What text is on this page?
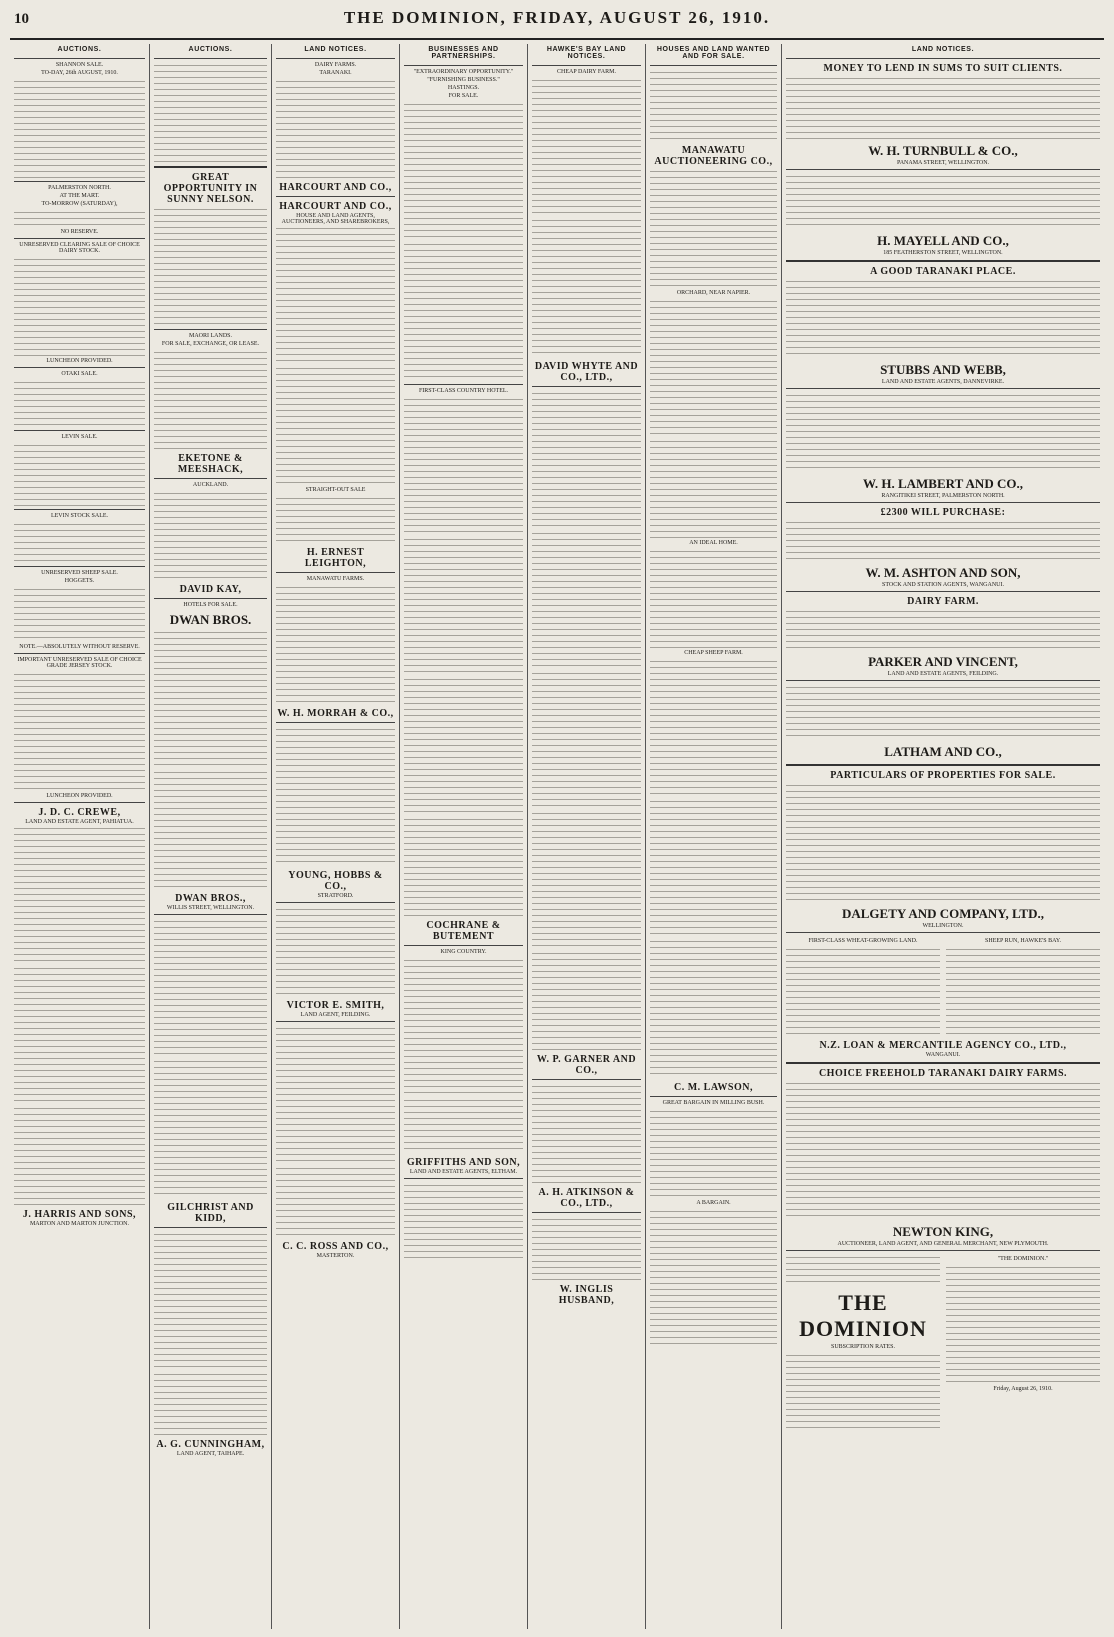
10	THE DOMINION, FRIDAY, AUGUST 26, 1910.
AUCTIONS.
SHANNON SALE.
TO-DAY, 26th AUGUST, 1910.
PALMERSTON NORTH.
AT THE MART.
TO-MORROW (SATURDAY),
NO RESERVE.
UNRESERVED CLEARING SALE OF CHOICE DAIRY STOCK.
LUNCHEON PROVIDED.
OTAKI SALE.
LEVIN SALE.
LEVIN STOCK SALE.
UNRESERVED SHEEP SALE.
HOGGETS.
NOTE.—ABSOLUTELY WITHOUT RESERVE.
IMPORTANT UNRESERVED SALE OF CHOICE GRADE JERSEY STOCK.
LUNCHEON PROVIDED.
J. D. C. CREWE,
LAND AND ESTATE AGENT, PAHIATUA.
J. HARRIS AND SONS,
MARTON AND MARTON JUNCTION.
AUCTIONS.
GREAT OPPORTUNITY IN SUNNY NELSON.
MAORI LANDS.
FOR SALE, EXCHANGE, OR LEASE.
EKETONE & MEESHACK,
AUCKLAND.
DAVID KAY,
HOTELS FOR SALE.
DWAN BROS.
DWAN BROS.,
WILLIS STREET, WELLINGTON.
GILCHRIST AND KIDD,
A. G. CUNNINGHAM,
LAND AGENT, TAIHAPE.
LAND NOTICES.
DAIRY FARMS.
TARANAKI.
HARCOURT AND CO.,
HARCOURT AND CO.,
HOUSE AND LAND AGENTS, AUCTIONEERS, AND SHAREBROKERS,
STRAIGHT-OUT SALE
H. ERNEST LEIGHTON,
MANAWATU FARMS.
W. H. MORRAH & CO.,
YOUNG, HOBBS & CO.,
STRATFORD.
VICTOR E. SMITH,
LAND AGENT, FEILDING.
C. C. ROSS AND CO.,
MASTERTON.
BUSINESSES AND PARTNERSHIPS.
"EXTRAORDINARY OPPORTUNITY."
"FURNISHING BUSINESS."
HASTINGS.
FOR SALE.
FIRST-CLASS COUNTRY HOTEL.
COCHRANE & BUTEMENT
KING COUNTRY.
GRIFFITHS AND SON,
LAND AND ESTATE AGENTS, ELTHAM.
HAWKE'S BAY LAND NOTICES.
CHEAP DAIRY FARM.
DAVID WHYTE AND CO., LTD.,
W. P. GARNER AND CO.,
A. H. ATKINSON & CO., LTD.,
W. INGLIS HUSBAND,
HOUSES AND LAND WANTED AND FOR SALE.
MANAWATU AUCTIONEERING CO.,
ORCHARD, NEAR NAPIER.
AN IDEAL HOME.
CHEAP SHEEP FARM.
C. M. LAWSON,
GREAT BARGAIN IN MILLING BUSH.
A BARGAIN.
LAND NOTICES.
MONEY TO LEND IN SUMS TO SUIT CLIENTS.
W. H. TURNBULL & CO.,
PANAMA STREET, WELLINGTON.
H. MAYELL AND CO.,
185 FEATHERSTON STREET, WELLINGTON.
A GOOD TARANAKI PLACE.
STUBBS AND WEBB,
LAND AND ESTATE AGENTS, DANNEVIRKE.
W. H. LAMBERT AND CO.,
RANGITIKEI STREET, PALMERSTON NORTH.
£2300 WILL PURCHASE:
W. M. ASHTON AND SON,
STOCK AND STATION AGENTS, WANGANUI.
DAIRY FARM.
PARKER AND VINCENT,
LAND AND ESTATE AGENTS, FEILDING.
LATHAM AND CO.,
PARTICULARS OF PROPERTIES FOR SALE.
DALGETY AND COMPANY, LTD.,
WELLINGTON.
FIRST-CLASS WHEAT-GROWING LAND.	SHEEP RUN, HAWKE'S BAY.
N.Z. LOAN & MERCANTILE AGENCY CO., LTD.,
WANGANUI.
CHOICE FREEHOLD TARANAKI DAIRY FARMS.
NEWTON KING,
AUCTIONEER, LAND AGENT, AND GENERAL MERCHANT, NEW PLYMOUTH.
THE DOMINION
SUBSCRIPTION RATES.
"THE DOMINION."
Friday, August 26, 1910.
